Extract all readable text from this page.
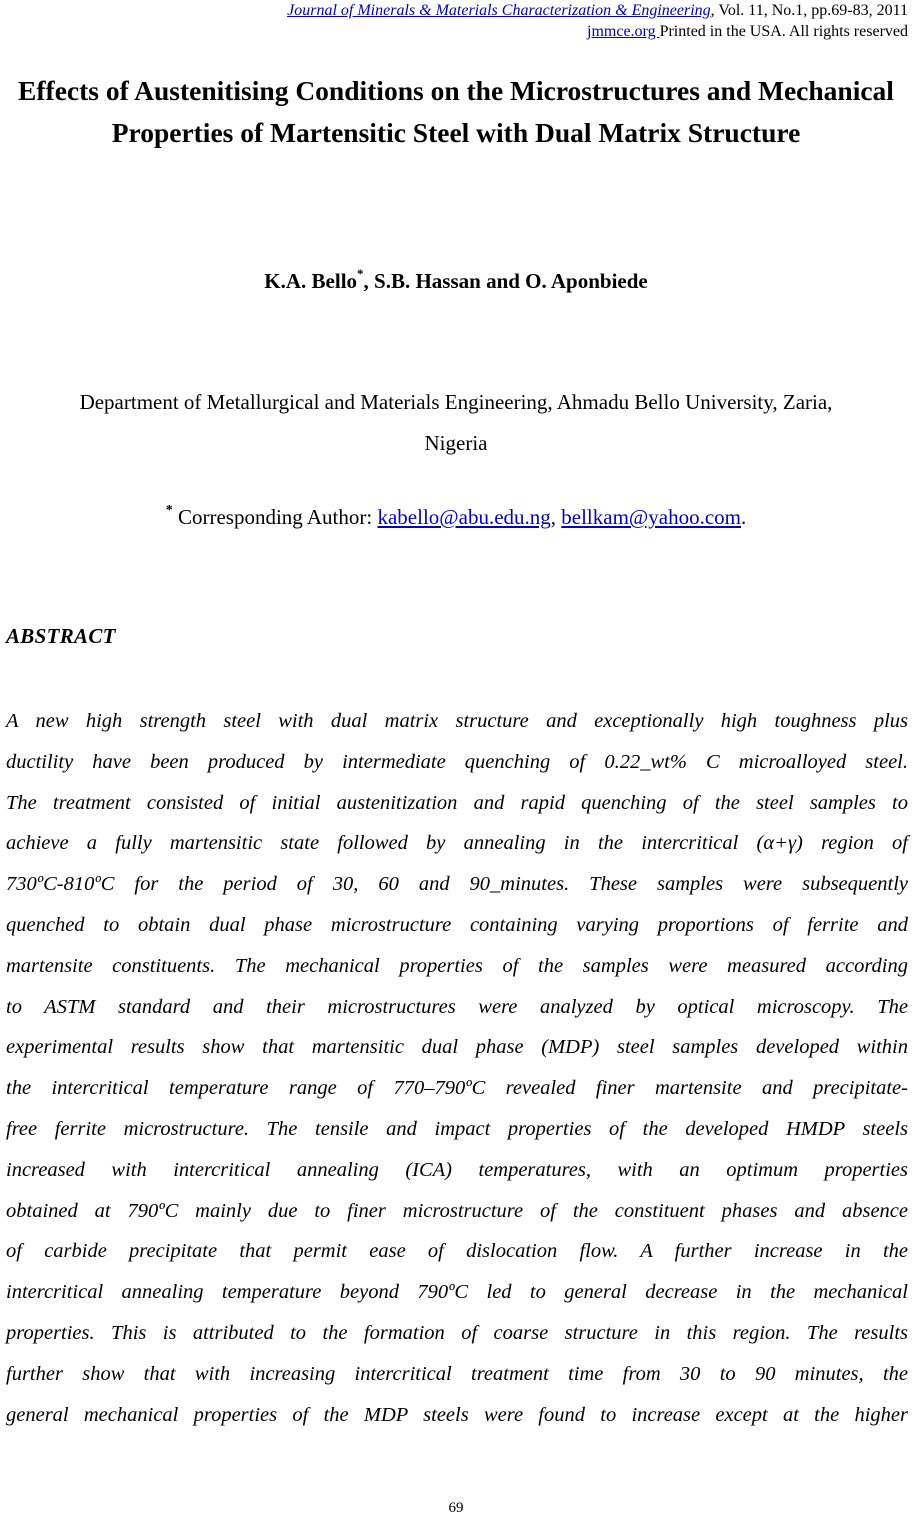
Journal of Minerals & Materials Characterization & Engineering, Vol. 11, No.1, pp.69-83, 2011
jmmce.org Printed in the USA. All rights reserved
Effects of Austenitising Conditions on the Microstructures and Mechanical
Properties of Martensitic Steel with Dual Matrix Structure
K.A. Bello*, S.B. Hassan and O. Aponbiede
Department of Metallurgical and Materials Engineering, Ahmadu Bello University, Zaria,
Nigeria
* Corresponding Author: kabello@abu.edu.ng, bellkam@yahoo.com.
ABSTRACT
A new high strength steel with dual matrix structure and exceptionally high toughness plus
ductility have been produced by intermediate quenching of 0.22_wt% C microalloyed steel.
The treatment consisted of initial austenitization and rapid quenching of the steel samples to
achieve a fully martensitic state followed by annealing in the intercritical (α+γ) region of
730ºC-810ºC for the period of 30, 60 and 90_minutes. These samples were subsequently
quenched to obtain dual phase microstructure containing varying proportions of ferrite and
martensite constituents. The mechanical properties of the samples were measured according
to ASTM standard and their microstructures were analyzed by optical microscopy. The
experimental results show that martensitic dual phase (MDP) steel samples developed within
the intercritical temperature range of 770–790ºC revealed finer martensite and precipitate-
free ferrite microstructure. The tensile and impact properties of the developed HMDP steels
increased with intercritical annealing (ICA) temperatures, with an optimum properties
obtained at 790ºC mainly due to finer microstructure of the constituent phases and absence
of carbide precipitate that permit ease of dislocation flow. A further increase in the
intercritical annealing temperature beyond 790ºC led to general decrease in the mechanical
properties. This is attributed to the formation of coarse structure in this region. The results
further show that with increasing intercritical treatment time from 30 to 90 minutes, the
general mechanical properties of the MDP steels were found to increase except at the higher
69
